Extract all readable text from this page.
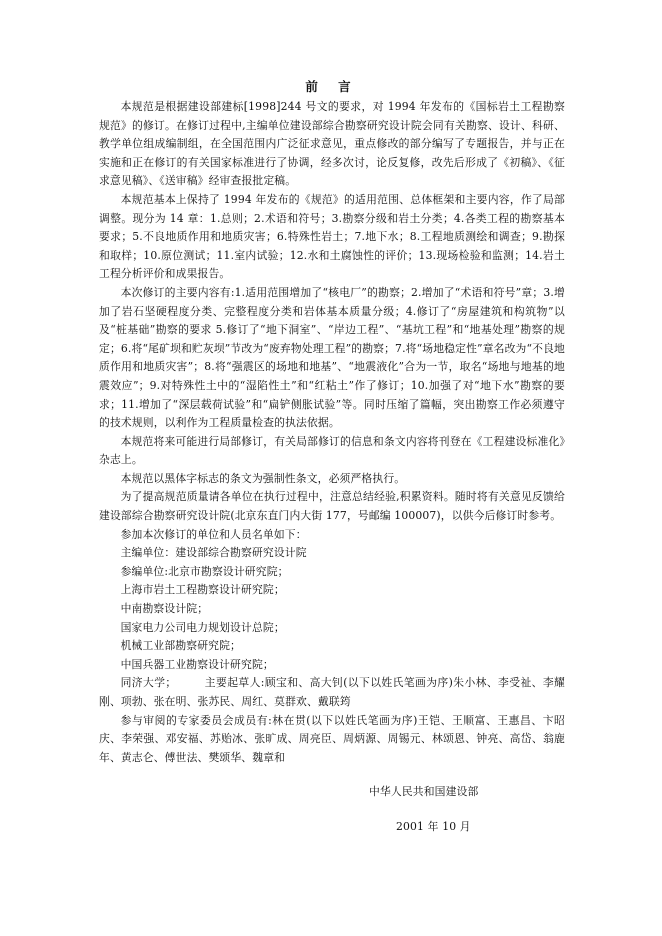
前 言

本规范是根据建设部建标[1998]244 号文的要求，对 1994 年发布的《国标岩土工程勘察规范》的修订。在修订过程中,主编单位建设部综合勘察研究设计院会同有关勘察、设计、科研、教学单位组成编制组，在全国范围内广泛征求意见，重点修改的部分编写了专题报告，并与正在实施和正在修订的有关国家标准进行了协调，经多次讨，论反复修，改先后形成了《初稿》、《征求意见稿》、《送审稿》经审查报批定稿。

本规范基本上保持了 1994 年发布的《规范》的适用范围、总体框架和主要内容，作了局部调整。现分为 14 章：1.总则；2.术语和符号；3.勘察分级和岩土分类；4.各类工程的勘察基本要求；5.不良地质作用和地质灾害；6.特殊性岩土；7.地下水；8.工程地质测绘和调查；9.勘探和取样；10.原位测试；11.室内试验；12.水和土腐蚀性的评价；13.现场检验和监测；14.岩土工程分析评价和成果报告。

本次修订的主要内容有:1.适用范围增加了“核电厂”的勘察；2.增加了“术语和符号”章；3.增加了岩石坚硬程度分类、完整程度分类和岩体基本质量分级；4.修订了“房屋建筑和构筑物”以及“桩基础”勘察的要求 5.修订了“地下洞室”、“岸边工程”、“基坑工程”和“地基处理”勘察的规定；6.将“尾矿坝和贮灰坝”节改为“废弃物处理工程”的勘察；7.将“场地稳定性”章名改为“不良地质作用和地质灾害”；8.将“强震区的场地和地基”、“地震液化”合为一节，取名“场地与地基的地震效应”；9.对特殊性土中的“湿陷性土”和“红粘土”作了修订；10.加强了对“地下水”勘察的要求；11.增加了“深层载荷试验”和“扁铲侧胀试验”等。同时压缩了篇幅，突出勘察工作必须遵守的技术规则，以利作为工程质量检查的执法依据。

本规范将来可能进行局部修订，有关局部修订的信息和条文内容将刊登在《工程建设标准化》杂志上。

本规范以黑体字标志的条文为强制性条文，必须严格执行。

为了提高规范质量请各单位在执行过程中，注意总结经验,积累资料。随时将有关意见反馈给建设部综合勘察研究设计院(北京东直门内大街 177，号邮编 100007)，以供今后修订时参考。

参加本次修订的单位和人员名单如下：

主编单位：建设部综合勘察研究设计院
参编单位:北京市勘察设计研究院；
上海市岩土工程勘察设计研究院；
中南勘察设计院；
国家电力公司电力规划设计总院；
机械工业部勘察研究院；
中国兵器工业勘察设计研究院；

同济大学；　　　主要起草人:顾宝和、高大钊(以下以姓氏笔画为序)朱小林、李受祉、李耀刚、项勃、张在明、张苏民、周红、莫群欢、戴联筠

参与审阅的专家委员会成员有:林在贯(以下以姓氏笔画为序)王铠、王顺富、王惠昌、卞昭庆、李荣强、邓安福、苏贻冰、张旷成、周亮臣、周炳源、周锡元、林颂恩、钟亮、高岱、翁鹿年、黄志仑、傅世法、樊颂华、魏章和

中华人民共和国建设部
2001 年 10 月
